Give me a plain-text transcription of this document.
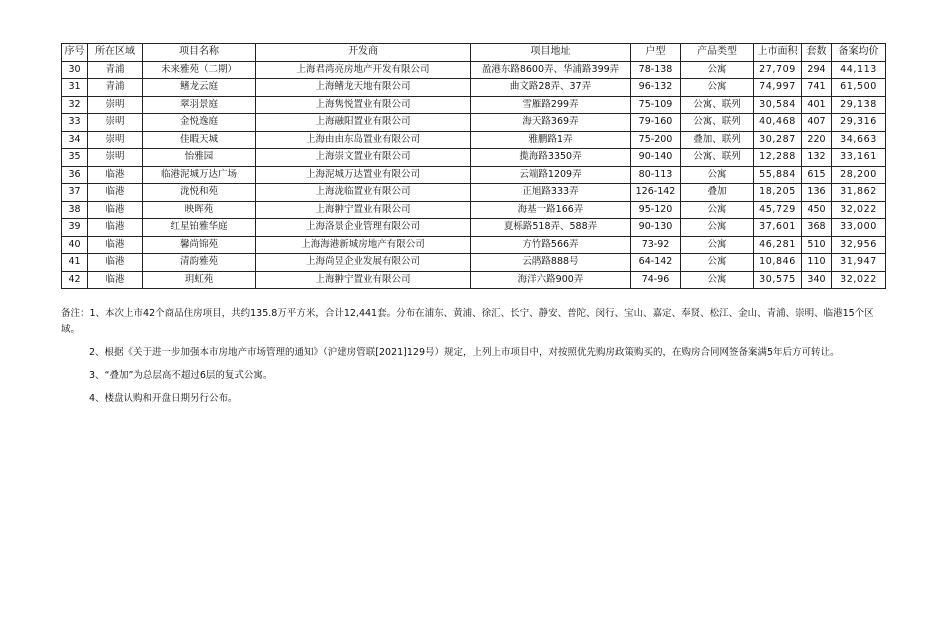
序号	所在区域	项目名称	开发商	项目地址	户型	产品类型	上市面积	套数	备案均价
30	青浦	未来雅苑（二期）	上海君湾亮房地产开发有限公司	盈港东路8600弄、华浦路399弄	78-138	公寓	27,709	294	44,113
31	青浦	鳍龙云庭	上海鳍龙天地有限公司	曲文路28弄、37弄	96-132	公寓	74,997	741	61,500
32	崇明	翠羽景庭	上海隽悦置业有限公司	雪雁路299弄	75-109	公寓、联列	30,584	401	29,138
33	崇明	金悦逸庭	上海融阳置业有限公司	海天路369弄	79-160	公寓、联列	40,468	407	29,316
34	崇明	佳暇天城	上海由由东岛置业有限公司	雅鹏路1弄	75-200	叠加、联列	30,287	220	34,663
35	崇明	怡雅园	上海崇文置业有限公司	揽海路3350弄	90-140	公寓、联列	12,288	132	33,161
36	临港	临港泥城万达广场	上海泥城万达置业有限公司	云端路1209弄	80-113	公寓	55,884	615	28,200
37	临港	泷悦和苑	上海泷临置业有限公司	正旭路333弄	126-142	叠加	18,205	136	31,862
38	临港	映晖苑	上海翀宁置业有限公司	海基一路166弄	95-120	公寓	45,729	450	32,022
39	临港	红星铂雅华庭	上海洛景企业管理有限公司	夏栎路518弄、588弄	90-130	公寓	37,601	368	33,000
40	临港	馨尚锦苑	上海海港新城房地产有限公司	方竹路566弄	73-92	公寓	46,281	510	32,956
41	临港	清韵雅苑	上海尚昱企业发展有限公司	云鹃路888号	64-142	公寓	10,846	110	31,947
42	临港	玥虹苑	上海翀宁置业有限公司	海洋六路900弄	74-96	公寓	30,575	340	32,022

备注：1、本次上市42个商品住房项目，共约135.8万平方米，合计12,441套。分布在浦东、黄浦、徐汇、长宁、静安、普陀、闵行、宝山、嘉定、奉贤、松江、金山、青浦、崇明、临港15个区域。

2、根据《关于进一步加强本市房地产市场管理的通知》（沪建房管联[2021]129号）规定，上列上市项目中，对按照优先购房政策购买的，在购房合同网签备案满5年后方可转让。

3、“叠加”为总层高不超过6层的复式公寓。

4、楼盘认购和开盘日期另行公布。
